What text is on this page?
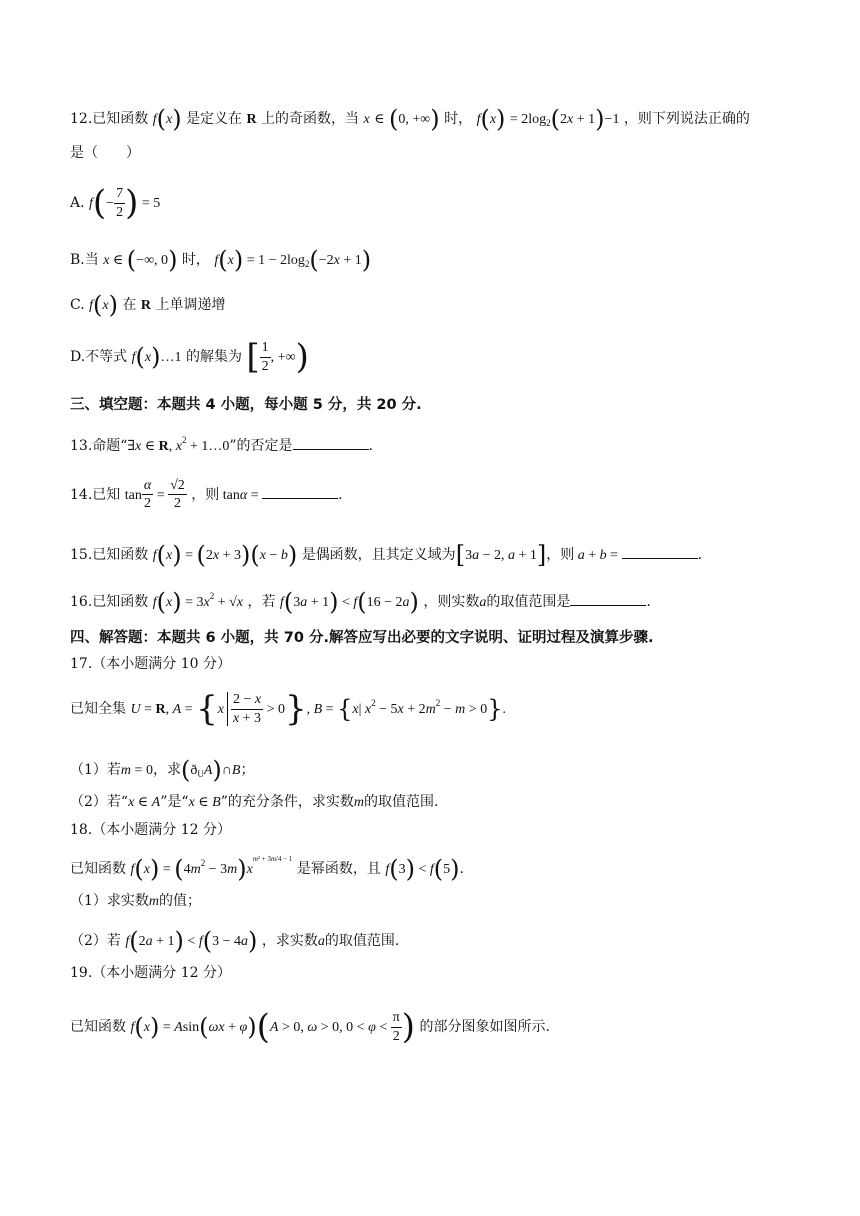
12.已知函数 f(x) 是定义在 R 上的奇函数，当 x ∈ (0, +∞) 时， $f(x) = 2\log_2(2x + 1)-1$ ，则下列说法正确的
是（　　）
A. $f(- \frac{7}{2}$ ) = 5
B.当 x ∈ (−∞, 0) 时， $f(x) = 1 - 2\log_2(-2x + 1)$
C. f(x) 在 R 上单调递增
D.不等式 f(x)…1 的解集为 [ $\frac{1}{2}$ , +∞)
三、填空题：本题共 4 小题，每小题 5 分，共 20 分.
13.命题“∃x ∈ R, $x^2$ + 1…0”的否定是	.
14.已知 $\tan \frac{\alpha}{2} = \frac{√2}{2}$ ，则 tanα =	.
15.已知函数 f(x) = (2x + 3)(x − b) 是偶函数，且其定义域为[3a − 2, a + 1]，则 a + b =	.
16.已知函数 $f(x) = 3x^2 + √x$ ，若 f(3a + 1) < f(16 − 2a) ，则实数a的取值范围是	.
四、解答题：本题共 6 小题，共 70 分.解答应写出必要的文字说明、证明过程及演算步骤.
17.（本小题满分 10 分）
已知全集 U = R, $A = \{x \frac{2 - x}{x + 3} > 0\}$, B = {x| $x^2 - 5x + 2m^2 - m > 0$}.
（1）若m = 0，求$(ð_UA)\cap B$；
（2）若“x ∈ A”是“x ∈ B”的充分条件，求实数m的取值范围.
18.（本小题满分 12 分）
已知函数 $f(x) = (4m^2 - 3m)x^{m^2 + 3m/4 - 1}$ 是幂函数，且 f(3) < f(5).
（1）求实数m的值；
（2）若 f(2a + 1) < f(3 − 4a) ，求实数a的取值范围.
19.（本小题满分 12 分）
已知函数 f(x) = Asin(ωx + φ)(A > 0, ω > 0, $0 < \varphi < \frac{\pi}{2}$ ) 的部分图象如图所示.
